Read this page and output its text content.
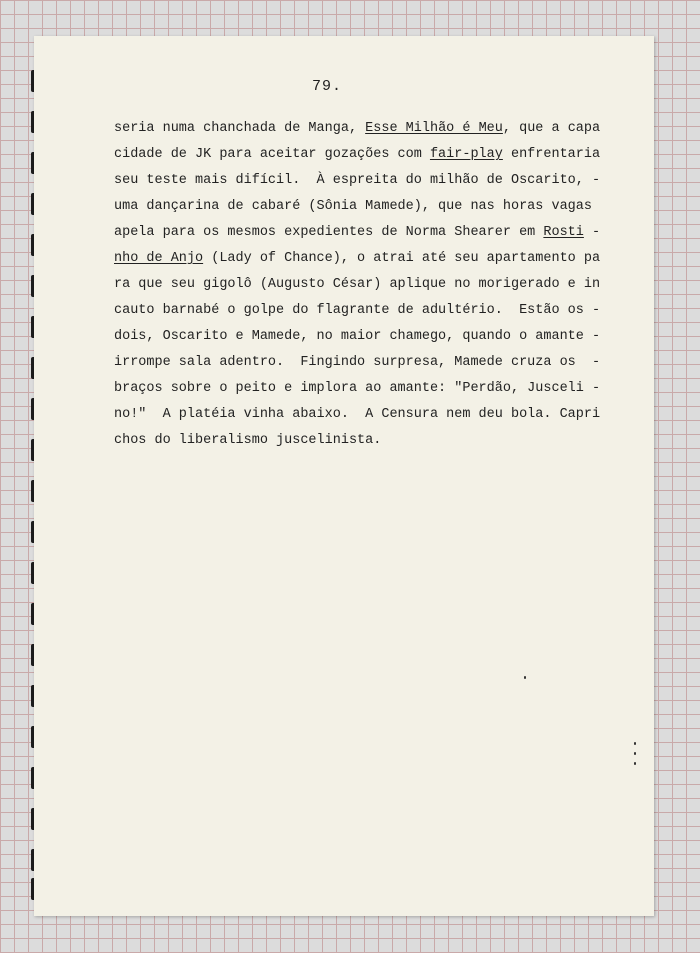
79.
seria numa chanchada de Manga, Esse Milhão é Meu, que a capa
cidade de JK para aceitar gozações com fair-play enfrentaria
seu teste mais difícil.  À espreita do milhão de Oscarito, -
uma dançarina de cabaré (Sônia Mamede), que nas horas vagas
apela para os mesmos expedientes de Norma Shearer em Rosti -
nho de Anjo (Lady of Chance), o atrai até seu apartamento pa
ra que seu gigolô (Augusto César) aplique no morigerado e in
cauto barnabé o golpe do flagrante de adultério.  Estão os -
dois, Oscarito e Mamede, no maior chamego, quando o amante -
irrompe sala adentro.  Fingindo surpresa, Mamede cruza os  -
braços sobre o peito e implora ao amante: "Perdão, Jusceli -
no!"  A platéia vinha abaixo.  A Censura nem deu bola. Capri
chos do liberalismo juscelinista.
